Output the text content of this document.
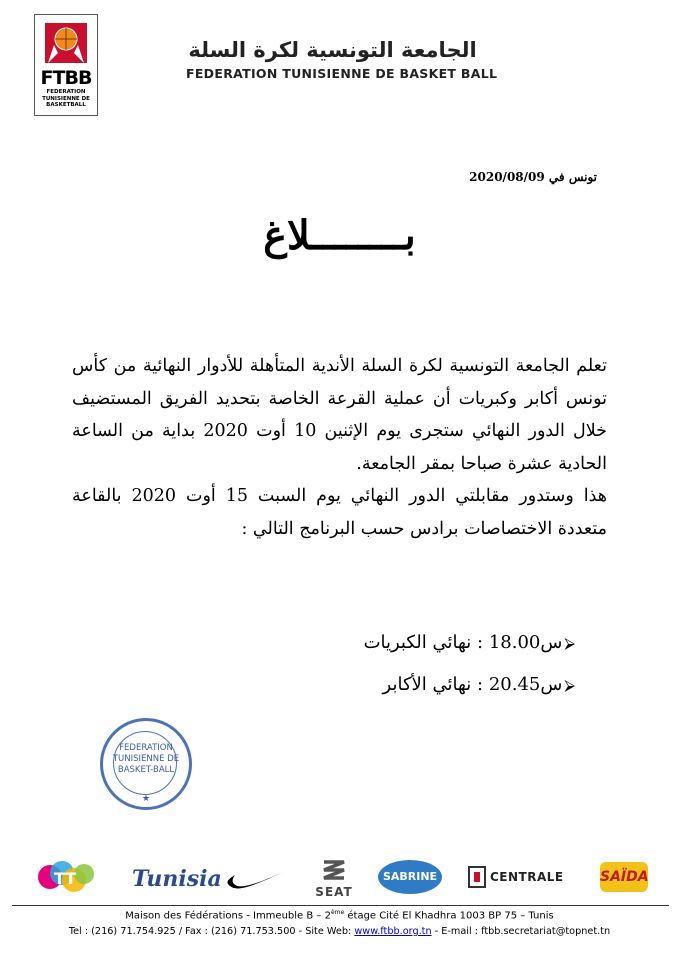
FTBB
FEDERATION
TUNISIENNE DE
BASKETBALL
الجامعة التونسية لكرة السلة
FEDERATION TUNISIENNE DE BASKET BALL
تونس في 2020/08/09
بــــــــلاغ

تعلم الجامعة التونسية لكرة السلة الأندية المتأهلة للأدوار النهائية من كأس تونس أكابر وكبريات أن عملية القرعة الخاصة بتحديد الفريق المستضيف خلال الدور النهائي ستجرى يوم الإثنين 10 أوت 2020 بداية من الساعة الحادية عشرة صباحا بمقر الجامعة.

هذا وستدور مقابلتي الدور النهائي يوم السبت 15 أوت 2020 بالقاعة متعددة الاختصاصات برادس حسب البرنامج التالي :

⮚
س18.00 : نهائي الكبريات
⮚
س20.45 : نهائي الأكابر
FEDERATION
TUNISIENNE DE
BASKET-BALL
★
TT	Tunisia	SEAT
SABRINE	CENTRALE	SAÏDA
Maison des Fédérations - Immeuble B – 2ème étage Cité El Khadhra 1003 BP 75 – Tunis
Tel : (216) 71.754.925 / Fax : (216) 71.753.500 - Site Web: www.ftbb.org.tn - E-mail : ftbb.secretariat@topnet.tn
